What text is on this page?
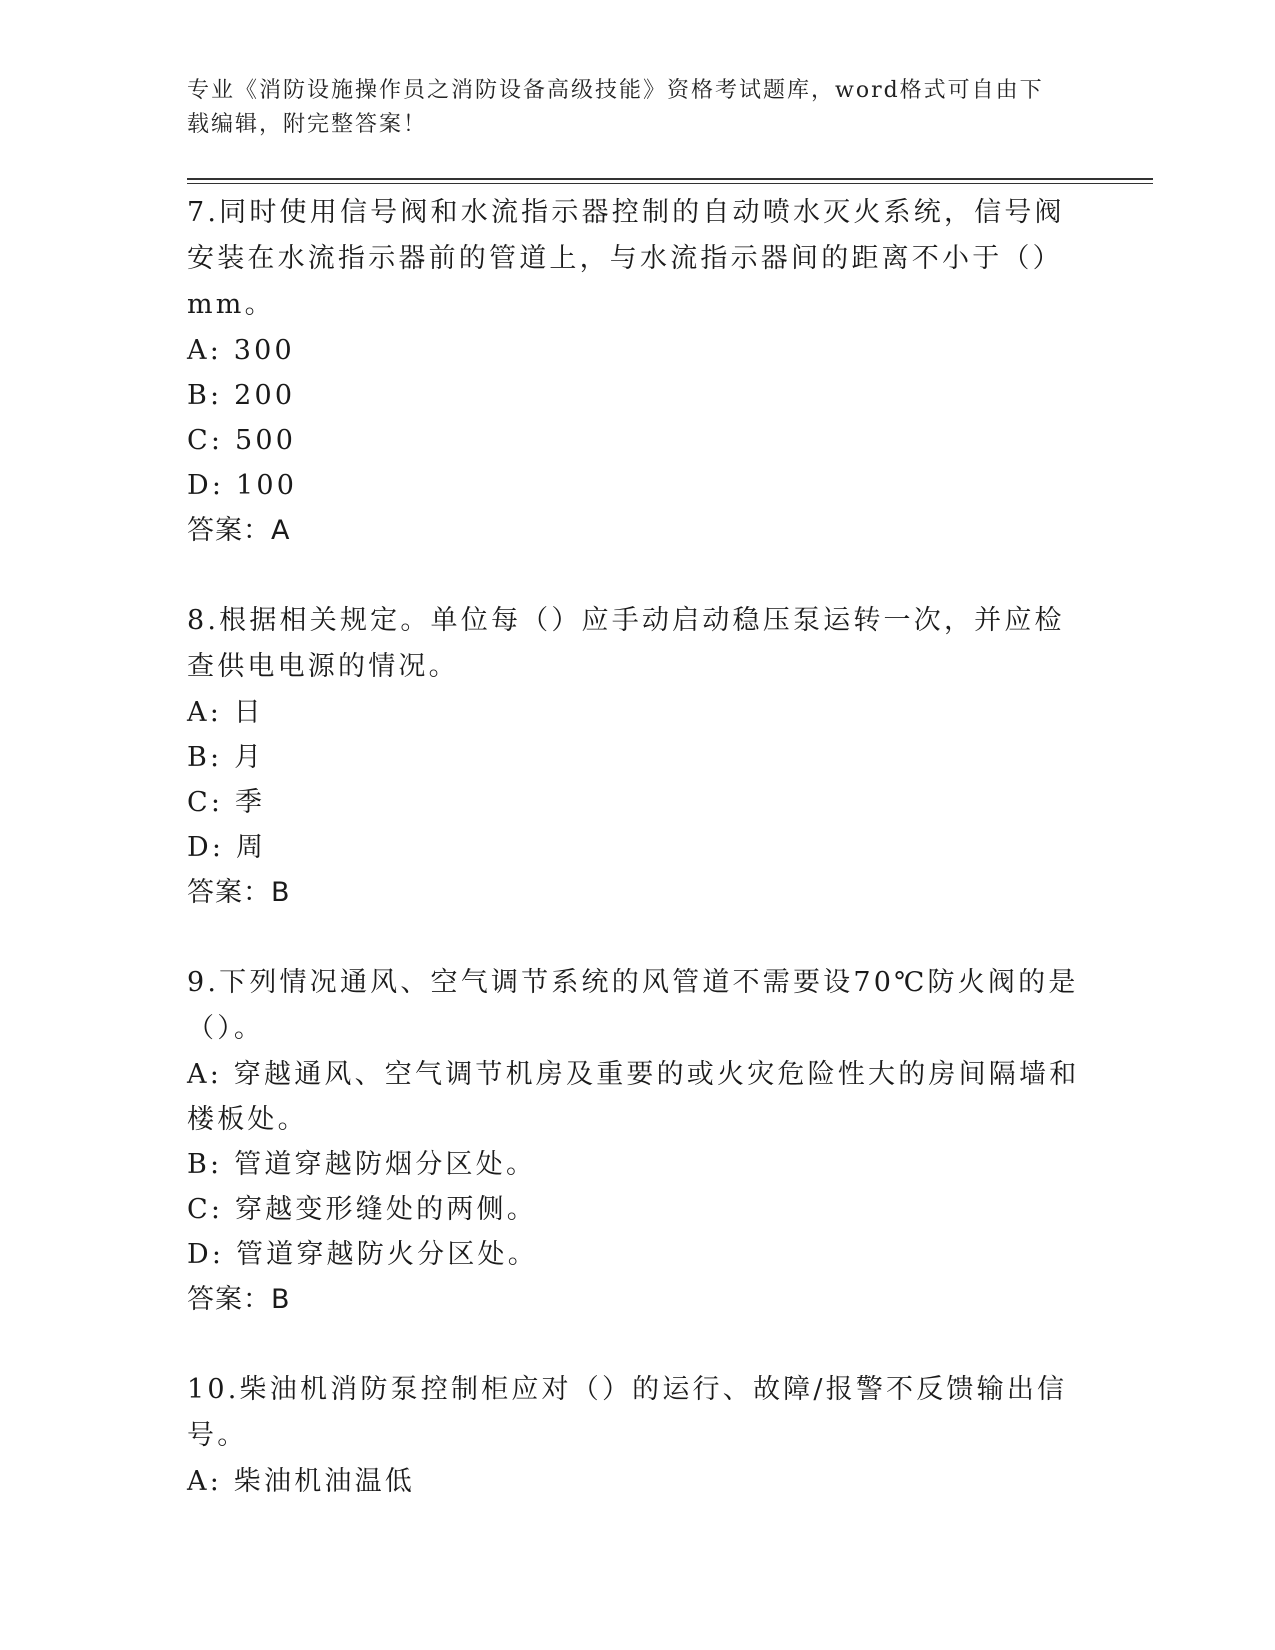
专业《消防设施操作员之消防设备高级技能》资格考试题库，word格式可自由下载编辑，附完整答案！

7.同时使用信号阀和水流指示器控制的自动喷水灭火系统，信号阀安装在水流指示器前的管道上，与水流指示器间的距离不小于（）mm。

A: 300

B: 200

C: 500

D: 100

答案：A

8.根据相关规定。单位每（）应手动启动稳压泵运转一次，并应检查供电电源的情况。

A: 日

B: 月

C: 季

D: 周

答案：B

9.下列情况通风、空气调节系统的风管道不需要设70℃防火阀的是（）。

A: 穿越通风、空气调节机房及重要的或火灾危险性大的房间隔墙和楼板处。

B: 管道穿越防烟分区处。

C: 穿越变形缝处的两侧。

D: 管道穿越防火分区处。

答案：B

10.柴油机消防泵控制柜应对（）的运行、故障/报警不反馈输出信号。

A: 柴油机油温低
